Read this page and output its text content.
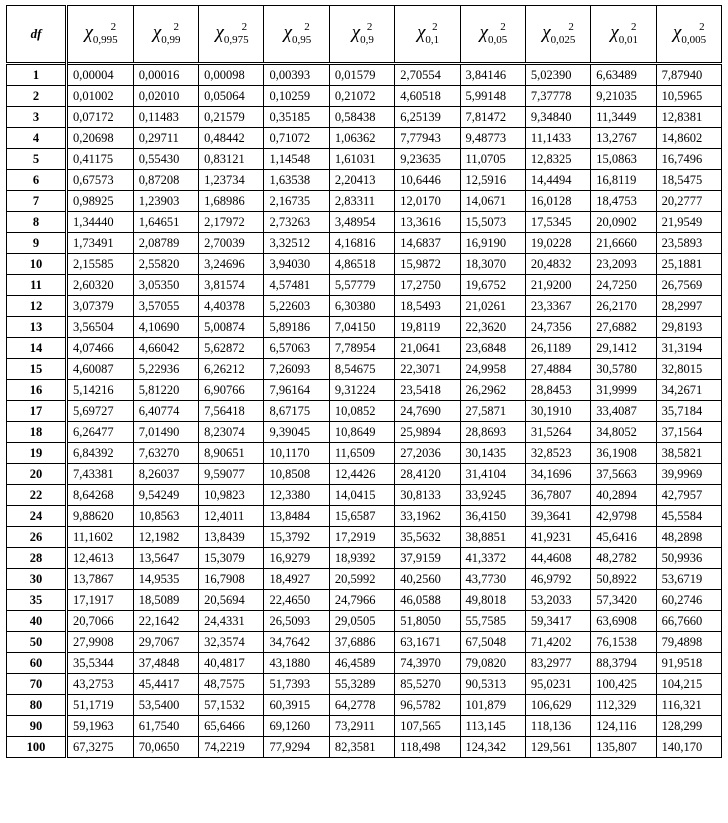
df	χ0,9952	χ0,992	χ0,9752	χ0,952	χ0,92	χ0,12	χ0,052	χ0,0252	χ0,012	χ0,0052
1	0,00004	0,00016	0,00098	0,00393	0,01579	2,70554	3,84146	5,02390	6,63489	7,87940
2	0,01002	0,02010	0,05064	0,10259	0,21072	4,60518	5,99148	7,37778	9,21035	10,5965
3	0,07172	0,11483	0,21579	0,35185	0,58438	6,25139	7,81472	9,34840	11,3449	12,8381
4	0,20698	0,29711	0,48442	0,71072	1,06362	7,77943	9,48773	11,1433	13,2767	14,8602
5	0,41175	0,55430	0,83121	1,14548	1,61031	9,23635	11,0705	12,8325	15,0863	16,7496
6	0,67573	0,87208	1,23734	1,63538	2,20413	10,6446	12,5916	14,4494	16,8119	18,5475
7	0,98925	1,23903	1,68986	2,16735	2,83311	12,0170	14,0671	16,0128	18,4753	20,2777
8	1,34440	1,64651	2,17972	2,73263	3,48954	13,3616	15,5073	17,5345	20,0902	21,9549
9	1,73491	2,08789	2,70039	3,32512	4,16816	14,6837	16,9190	19,0228	21,6660	23,5893
10	2,15585	2,55820	3,24696	3,94030	4,86518	15,9872	18,3070	20,4832	23,2093	25,1881
11	2,60320	3,05350	3,81574	4,57481	5,57779	17,2750	19,6752	21,9200	24,7250	26,7569
12	3,07379	3,57055	4,40378	5,22603	6,30380	18,5493	21,0261	23,3367	26,2170	28,2997
13	3,56504	4,10690	5,00874	5,89186	7,04150	19,8119	22,3620	24,7356	27,6882	29,8193
14	4,07466	4,66042	5,62872	6,57063	7,78954	21,0641	23,6848	26,1189	29,1412	31,3194
15	4,60087	5,22936	6,26212	7,26093	8,54675	22,3071	24,9958	27,4884	30,5780	32,8015
16	5,14216	5,81220	6,90766	7,96164	9,31224	23,5418	26,2962	28,8453	31,9999	34,2671
17	5,69727	6,40774	7,56418	8,67175	10,0852	24,7690	27,5871	30,1910	33,4087	35,7184
18	6,26477	7,01490	8,23074	9,39045	10,8649	25,9894	28,8693	31,5264	34,8052	37,1564
19	6,84392	7,63270	8,90651	10,1170	11,6509	27,2036	30,1435	32,8523	36,1908	38,5821
20	7,43381	8,26037	9,59077	10,8508	12,4426	28,4120	31,4104	34,1696	37,5663	39,9969
22	8,64268	9,54249	10,9823	12,3380	14,0415	30,8133	33,9245	36,7807	40,2894	42,7957
24	9,88620	10,8563	12,4011	13,8484	15,6587	33,1962	36,4150	39,3641	42,9798	45,5584
26	11,1602	12,1982	13,8439	15,3792	17,2919	35,5632	38,8851	41,9231	45,6416	48,2898
28	12,4613	13,5647	15,3079	16,9279	18,9392	37,9159	41,3372	44,4608	48,2782	50,9936
30	13,7867	14,9535	16,7908	18,4927	20,5992	40,2560	43,7730	46,9792	50,8922	53,6719
35	17,1917	18,5089	20,5694	22,4650	24,7966	46,0588	49,8018	53,2033	57,3420	60,2746
40	20,7066	22,1642	24,4331	26,5093	29,0505	51,8050	55,7585	59,3417	63,6908	66,7660
50	27,9908	29,7067	32,3574	34,7642	37,6886	63,1671	67,5048	71,4202	76,1538	79,4898
60	35,5344	37,4848	40,4817	43,1880	46,4589	74,3970	79,0820	83,2977	88,3794	91,9518
70	43,2753	45,4417	48,7575	51,7393	55,3289	85,5270	90,5313	95,0231	100,425	104,215
80	51,1719	53,5400	57,1532	60,3915	64,2778	96,5782	101,879	106,629	112,329	116,321
90	59,1963	61,7540	65,6466	69,1260	73,2911	107,565	113,145	118,136	124,116	128,299
100	67,3275	70,0650	74,2219	77,9294	82,3581	118,498	124,342	129,561	135,807	140,170
